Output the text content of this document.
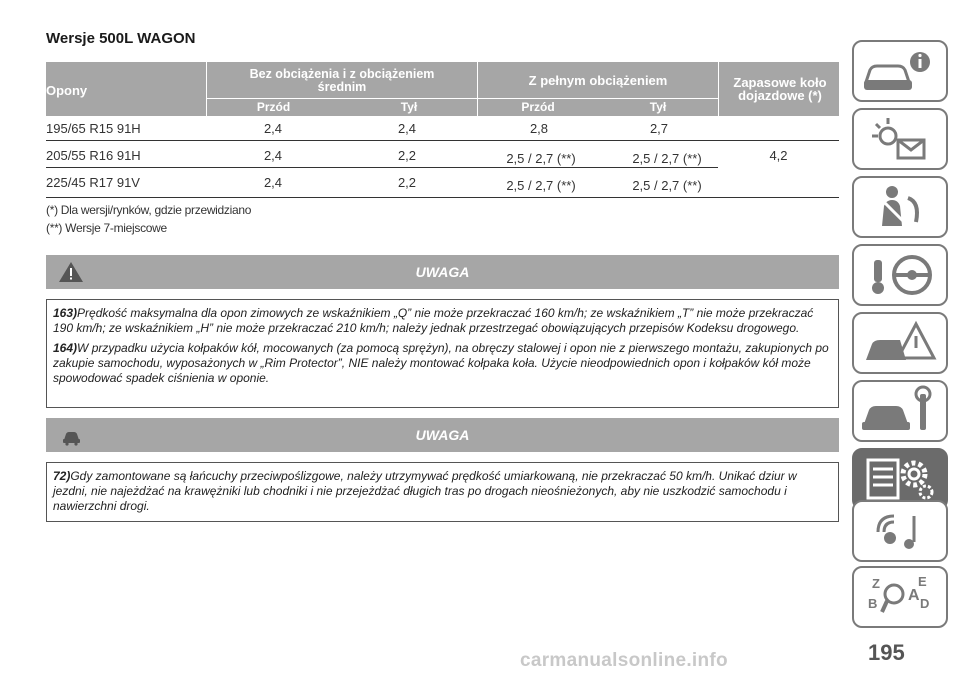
Wersje 500L WAGON
Opony
Bez obciążenia i z obciążeniem średnim	Z pełnym obciążeniem	Zapasowe koło dojazdowe (*)
Przód	Tył	Przód	Tył
195/65 R15 91H	2,4	2,4	2,8	2,7
205/55 R16 91H	2,4	2,2	2,5 / 2,7 (**)	2,5 / 2,7 (**)
225/45 R17 91V	2,4	2,2	2,5 / 2,7 (**)	2,5 / 2,7 (**)
4,2
(*) Dla wersji/rynków, gdzie przewidziano
(**) Wersje 7-miejscowe
UWAGA

163)Prędkość maksymalna dla opon zimowych ze wskaźnikiem „Q” nie może przekraczać 160 km/h; ze wskaźnikiem „T” nie może przekraczać 190 km/h; ze wskaźnikiem „H” nie może przekraczać 210 km/h; należy jednak przestrzegać obowiązujących przepisów Kodeksu drogowego.

164)W przypadku użycia kołpaków kół, mocowanych (za pomocą sprężyn), na obręczy stalowej i opon nie z pierwszego montażu, zakupionych po zakupie samochodu, wyposażonych w „Rim Protector”, NIE należy montować kołpaka koła. Użycie nieodpowiednich opon i kołpaków kół może spowodować spadek ciśnienia w oponie.

UWAGA

72)Gdy zamontowane są łańcuchy przeciwpoślizgowe, należy utrzymywać prędkość umiarkowaną, nie przekraczać 50 km/h. Unikać dziur w jezdni, nie najeżdżać na krawężniki lub chodniki i nie przejeżdżać długich tras po drogach nieośnieżonych, aby nie uszkodzić samochodu i nawierzchni drogi.

Z	E
B	D
A
195
carmanualsonline.info
